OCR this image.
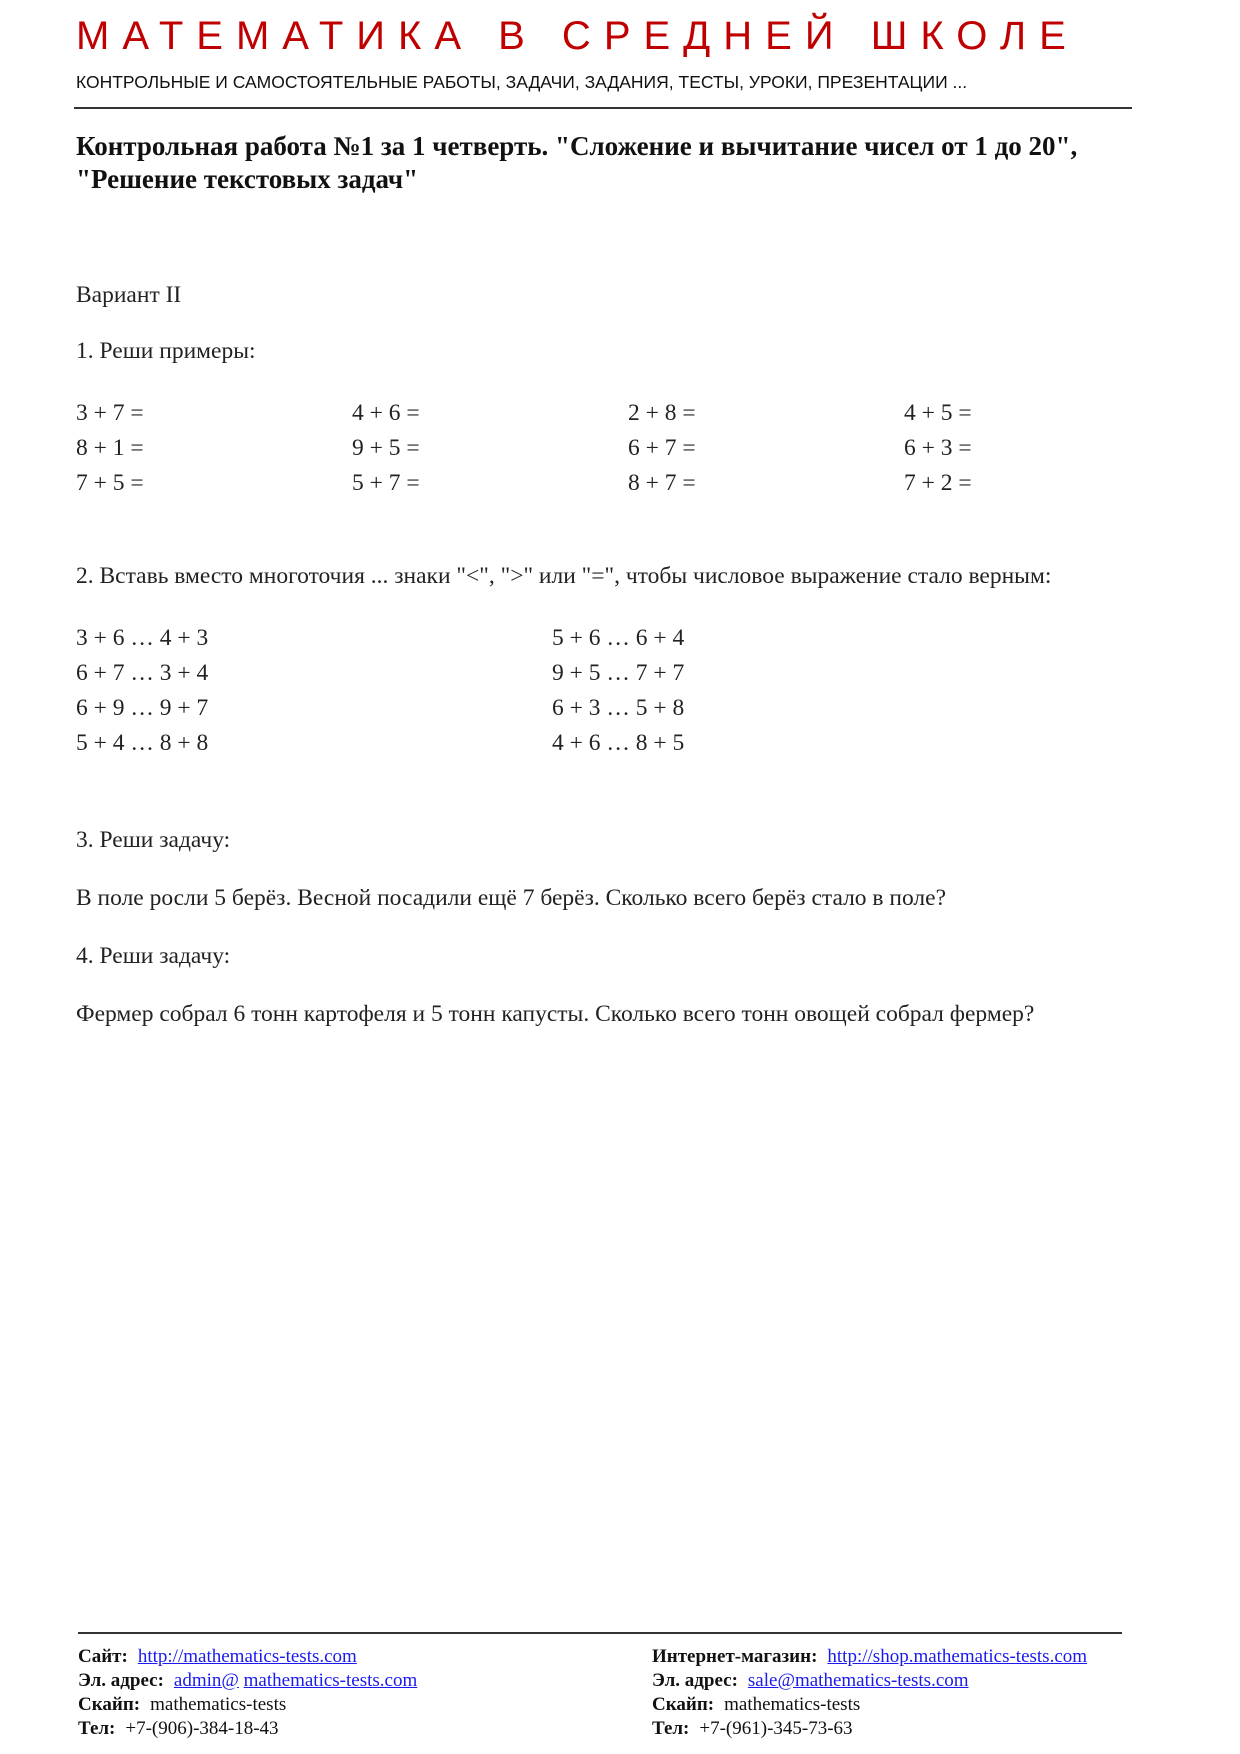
МАТЕМАТИКА В СРЕДНЕЙ ШКОЛЕ
КОНТРОЛЬНЫЕ И САМОСТОЯТЕЛЬНЫЕ РАБОТЫ, ЗАДАЧИ, ЗАДАНИЯ, ТЕСТЫ, УРОКИ, ПРЕЗЕНТАЦИИ ...
Контрольная работа №1 за 1 четверть. "Сложение и вычитание чисел от 1 до 20",
"Решение текстовых задач"
Вариант II
1. Реши примеры:
3 + 7 =	4 + 6 =	2 + 8 =	4 + 5 =
8 + 1 =	9 + 5 =	6 + 7 =	6 + 3 =
7 + 5 =	5 + 7 =	8 + 7 =	7 + 2 =
2. Вставь вместо многоточия ... знаки "<", ">" или "=", чтобы числовое выражение стало верным:
3 + 6 … 4 + 3	5 + 6 … 6 + 4
6 + 7 … 3 + 4	9 + 5 … 7 + 7
6 + 9 … 9 + 7	6 + 3 … 5 + 8
5 + 4 … 8 + 8	4 + 6 … 8 + 5
3. Реши задачу:
В поле росли 5 берёз. Весной посадили ещё 7 берёз. Сколько всего берёз стало в поле?
4. Реши задачу:
Фермер собрал 6 тонн картофеля и 5 тонн капусты. Сколько всего тонн овощей собрал фермер?
Сайт: http://mathematics-tests.com
Эл. адрес: admin@ mathematics-tests.com
Скайп: mathematics-tests
Тел: +7-(906)-384-18-43
Интернет-магазин: http://shop.mathematics-tests.com
Эл. адрес: sale@mathematics-tests.com
Скайп: mathematics-tests
Тел: +7-(961)-345-73-63
